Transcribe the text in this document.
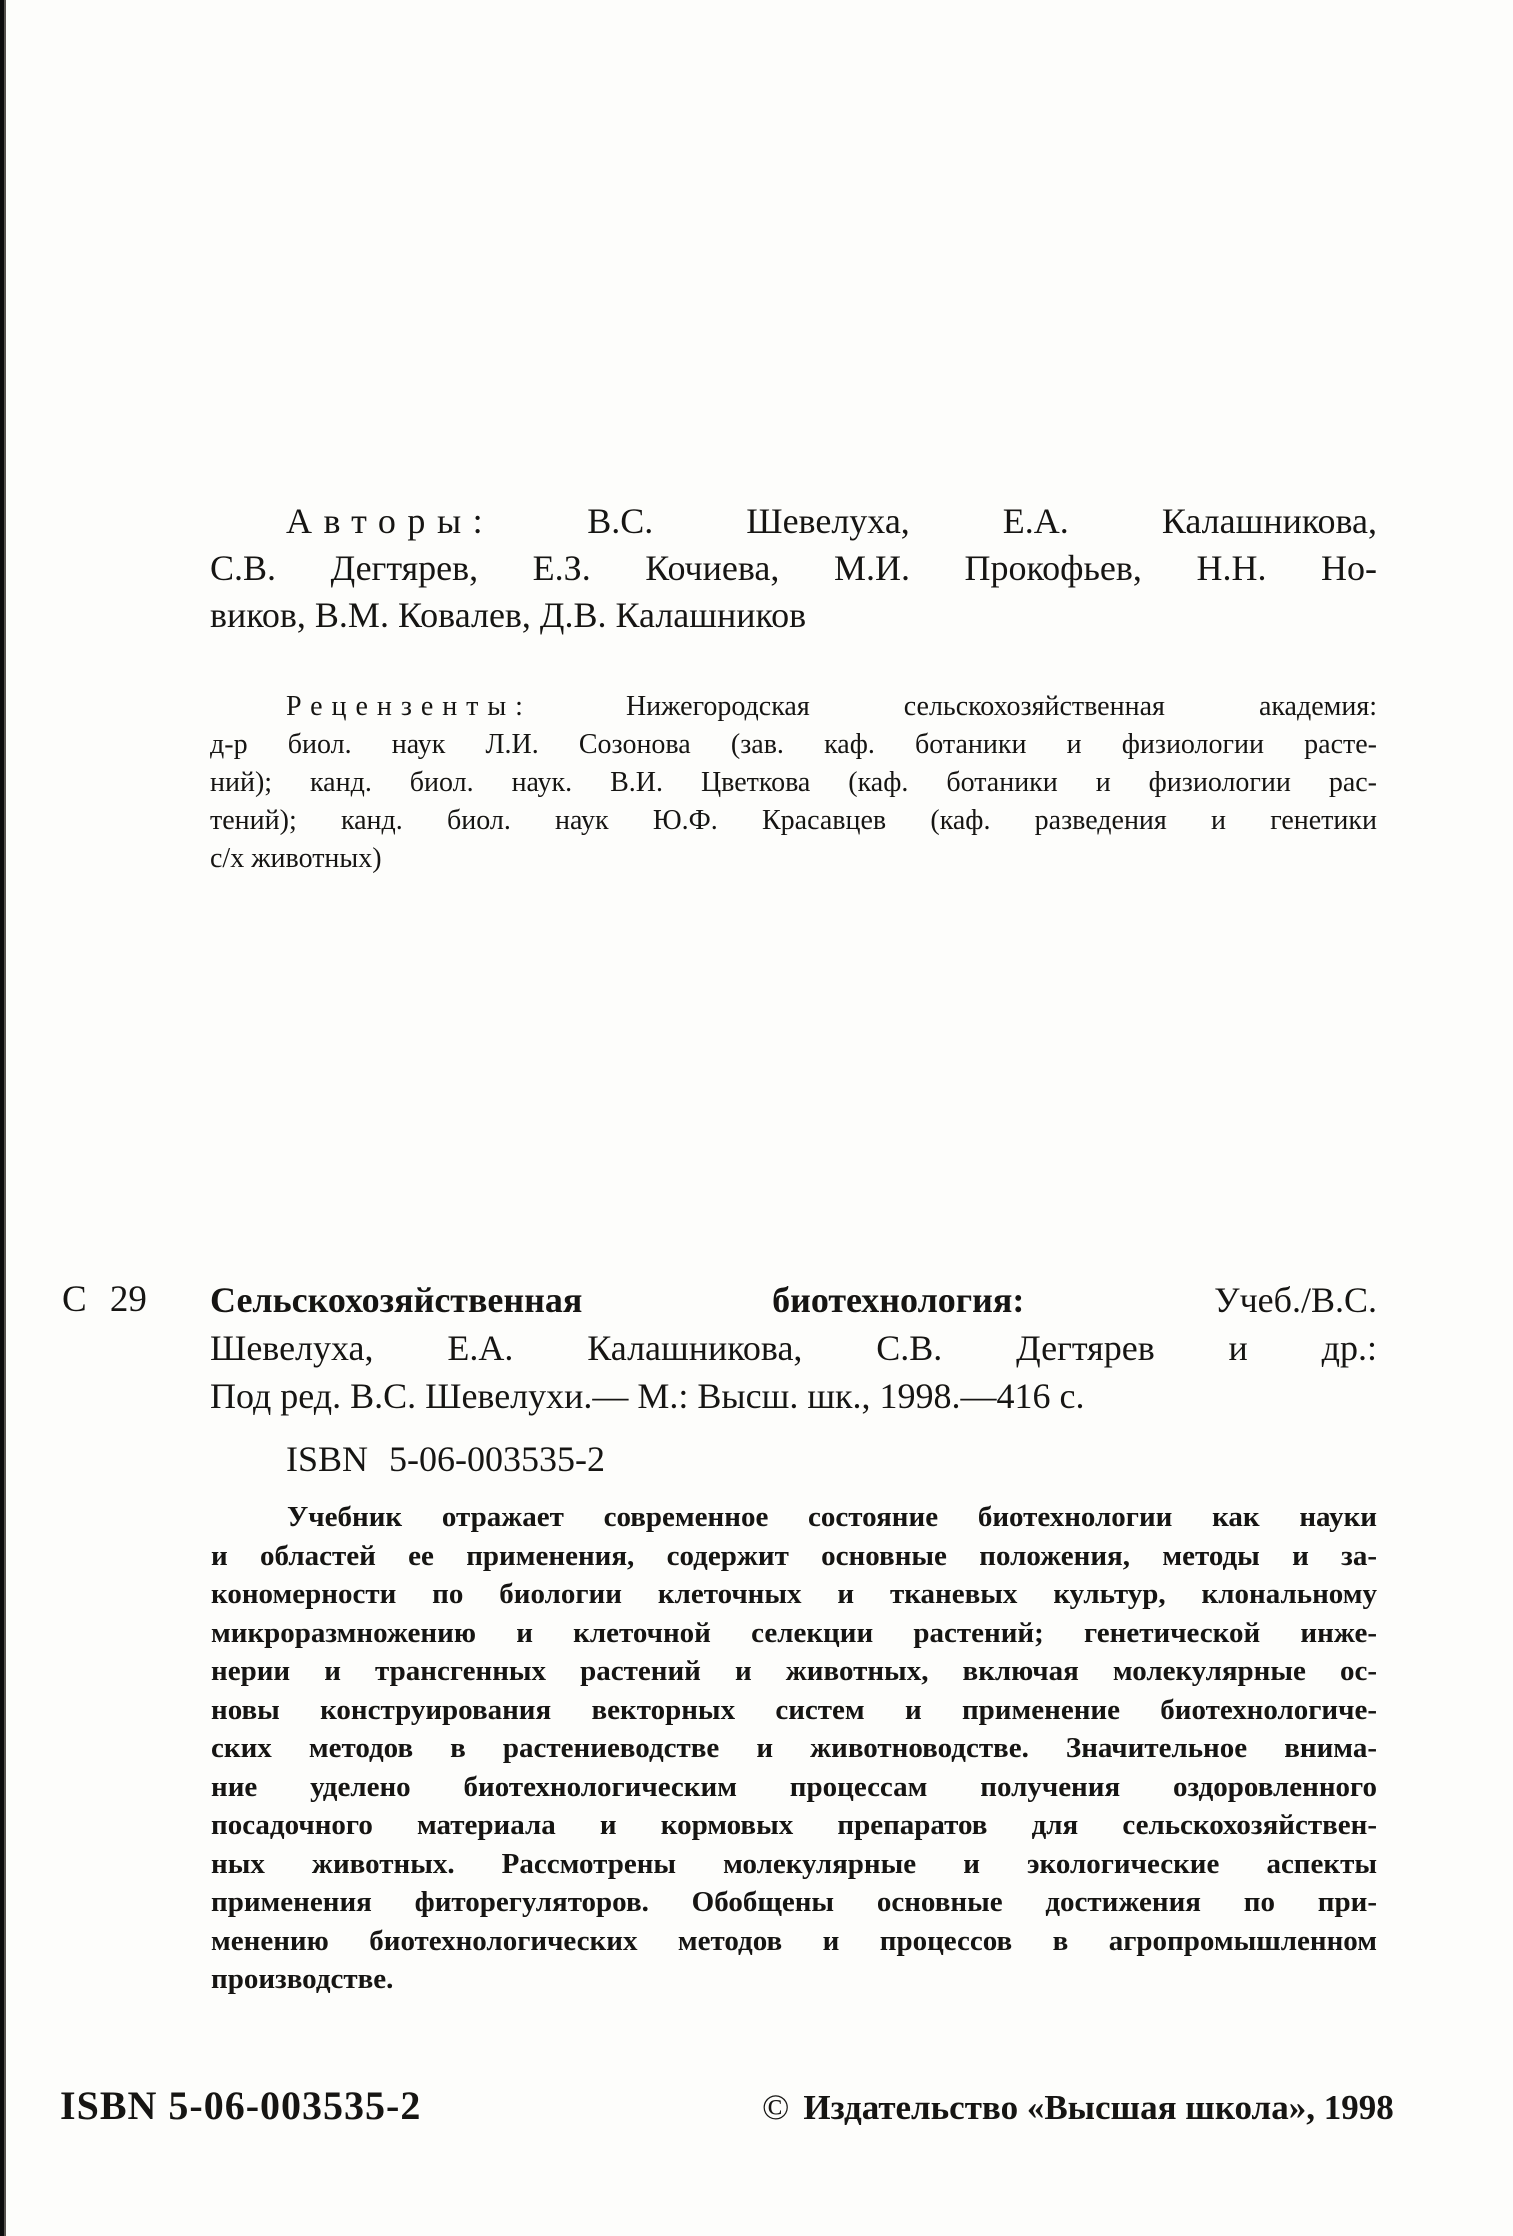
Авторы:	В.С. Шевелуха, Е.А. Калашникова,
С.В. Дегтярев, Е.З. Кочиева, М.И. Прокофьев, Н.Н. Но-
виков, В.М. Ковалев, Д.В. Калашников
Рецензенты:	Нижегородская сельскохозяйственная академия:
д-р биол. наук Л.И. Созонова (зав. каф. ботаники и физиологии расте-
ний); канд. биол. наук. В.И. Цветкова (каф. ботаники и физиологии рас-
тений); канд. биол. наук Ю.Ф. Красавцев (каф. разведения и генетики
с/х животных)
С 29 Сельскохозяйственная биотехнология:	Учеб./В.С.
Шевелуха, Е.А. Калашникова, С.В. Дегтярев и др.:
Под ред. В.С. Шевелухи.— М.: Высш. шк., 1998.—416 с.
ISBN 5-06-003535-2
Учебник отражает современное состояние биотехнологии как науки
и областей ее применения, содержит основные положения, методы и за-
кономерности по биологии клеточных и тканевых культур, клональному
микроразмножению и клеточной селекции растений; генетической инже-
нерии и трансгенных растений и животных, включая молекулярные ос-
новы конструирования векторных систем и применение биотехнологиче-
ских методов в растениеводстве и животноводстве. Значительное внима-
ние уделено биотехнологическим процессам получения оздоровленного
посадочного материала и кормовых препаратов для сельскохозяйствен-
ных животных. Рассмотрены молекулярные и экологические аспекты
применения фиторегуляторов. Обобщены основные достижения по при-
менению биотехнологических методов и процессов в агропромышленном
производстве.
ISBN 5-06-003535-2	© Издательство «Высшая школа», 1998
